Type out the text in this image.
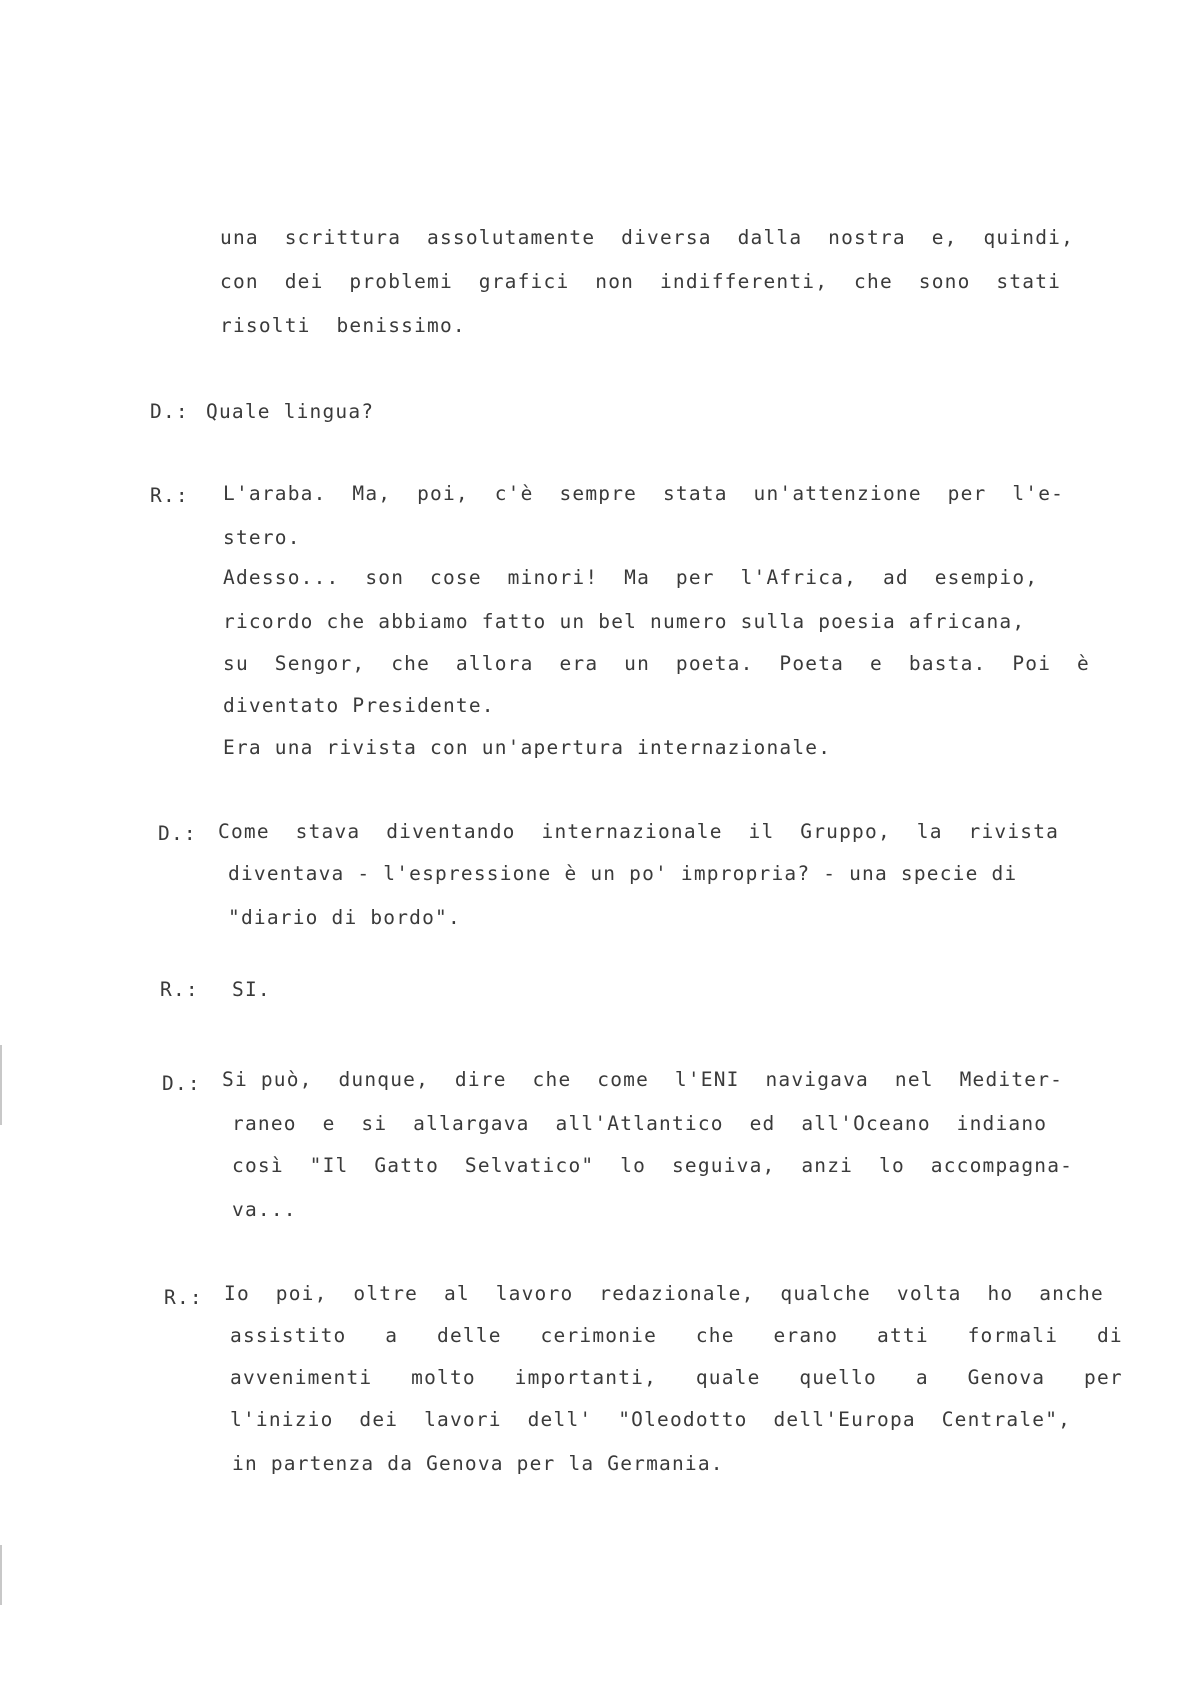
una  scrittura  assolutamente  diversa  dalla  nostra  e,  quindi,
con  dei  problemi  grafici  non  indifferenti,  che  sono  stati
risolti  benissimo.
D.: Quale lingua?
R.: L'araba.  Ma,  poi,  c'è  sempre  stata  un'attenzione  per  l'e-
stero.
Adesso...  son  cose  minori!  Ma  per  l'Africa,  ad  esempio,
ricordo che abbiamo fatto un bel numero sulla poesia africana,
su  Sengor,  che  allora  era  un  poeta.  Poeta  e  basta.  Poi  è
diventato Presidente.
Era una rivista con un'apertura internazionale.
D.: Come  stava  diventando  internazionale  il  Gruppo,  la  rivista
diventava - l'espressione è un po' impropria? - una specie di
"diario di bordo".
R.: SI.
D.: Si può,  dunque,  dire  che  come  l'ENI  navigava  nel  Mediter-
raneo  e  si  allargava  all'Atlantico  ed  all'Oceano  indiano
così  "Il  Gatto  Selvatico"  lo  seguiva,  anzi  lo  accompagna-
va...
R.: Io  poi,  oltre  al  lavoro  redazionale,  qualche  volta  ho  anche
assistito   a   delle   cerimonie   che   erano   atti   formali   di
avvenimenti   molto   importanti,   quale   quello   a   Genova   per
l'inizio  dei  lavori  dell'  "Oleodotto  dell'Europa  Centrale",
in partenza da Genova per la Germania.
